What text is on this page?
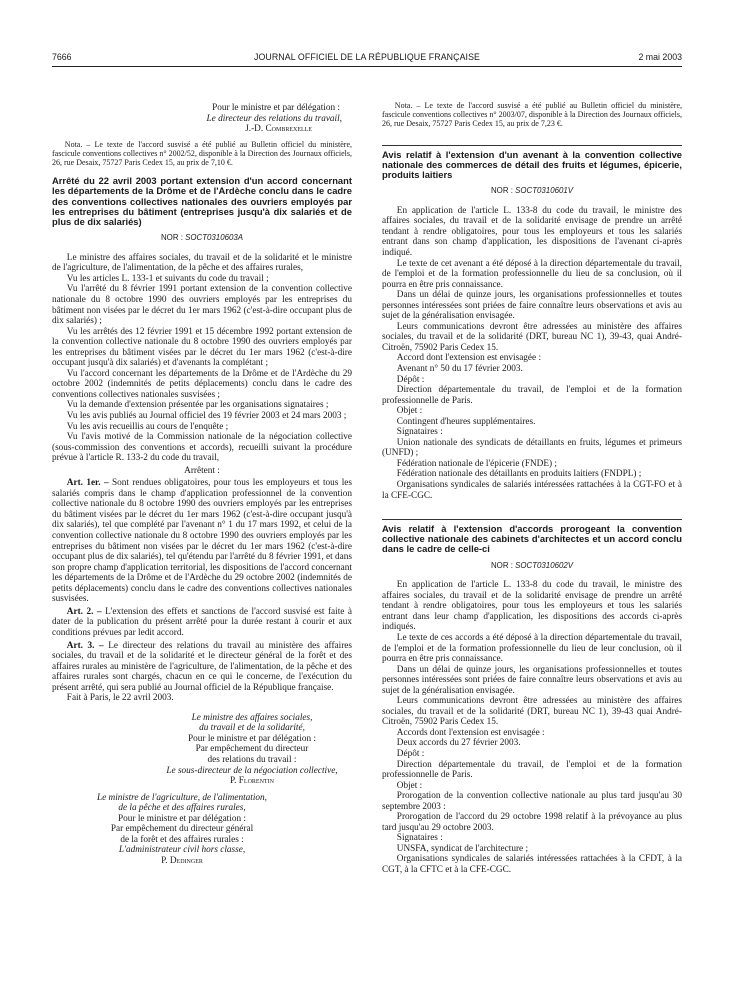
7666	JOURNAL OFFICIEL DE LA RÉPUBLIQUE FRANÇAISE	2 mai 2003

Pour le ministre et par délégation :

Le directeur des relations du travail,

J.-D. Combrexelle

Nota. – Le texte de l'accord susvisé a été publié au Bulletin officiel du ministère, fascicule conventions collectives n° 2002/52, disponible à la Direction des Journaux officiels, 26, rue Desaix, 75727 Paris Cedex 15, au prix de 7,10 €.

Arrêté du 22 avril 2003 portant extension d'un accord concernant les départements de la Drôme et de l'Ardèche conclu dans le cadre des conventions collectives nationales des ouvriers employés par les entreprises du bâtiment (entreprises jusqu'à dix salariés et de plus de dix salariés)

NOR : SOCT0310603A

Le ministre des affaires sociales, du travail et de la solidarité et le ministre de l'agriculture, de l'alimentation, de la pêche et des affaires rurales,

Vu les articles L. 133-1 et suivants du code du travail ;

Vu l'arrêté du 8 février 1991 portant extension de la convention collective nationale du 8 octobre 1990 des ouvriers employés par les entreprises du bâtiment non visées par le décret du 1er mars 1962 (c'est-à-dire occupant plus de dix salariés) ;

Vu les arrêtés des 12 février 1991 et 15 décembre 1992 portant extension de la convention collective nationale du 8 octobre 1990 des ouvriers employés par les entreprises du bâtiment visées par le décret du 1er mars 1962 (c'est-à-dire occupant jusqu'à dix salariés) et d'avenants la complétant ;

Vu l'accord concernant les départements de la Drôme et de l'Ardèche du 29 octobre 2002 (indemnités de petits déplacements) conclu dans le cadre des conventions collectives nationales susvisées ;

Vu la demande d'extension présentée par les organisations signataires ;

Vu les avis publiés au Journal officiel des 19 février 2003 et 24 mars 2003 ;

Vu les avis recueillis au cours de l'enquête ;

Vu l'avis motivé de la Commission nationale de la négociation collective (sous-commission des conventions et accords), recueilli suivant la procédure prévue à l'article R. 133-2 du code du travail,

Arrêtent :

Art. 1er. – Sont rendues obligatoires, pour tous les employeurs et tous les salariés compris dans le champ d'application professionnel de la convention collective nationale du 8 octobre 1990 des ouvriers employés par les entreprises du bâtiment visées par le décret du 1er mars 1962 (c'est-à-dire occupant jusqu'à dix salariés), tel que complété par l'avenant n° 1 du 17 mars 1992, et celui de la convention collective nationale du 8 octobre 1990 des ouvriers employés par les entreprises du bâtiment non visées par le décret du 1er mars 1962 (c'est-à-dire occupant plus de dix salariés), tel qu'étendu par l'arrêté du 8 février 1991, et dans son propre champ d'application territorial, les dispositions de l'accord concernant les départements de la Drôme et de l'Ardèche du 29 octobre 2002 (indemnités de petits déplacements) conclu dans le cadre des conventions collectives nationales susvisées.

Art. 2. – L'extension des effets et sanctions de l'accord susvisé est faite à dater de la publication du présent arrêté pour la durée restant à courir et aux conditions prévues par ledit accord.

Art. 3. – Le directeur des relations du travail au ministère des affaires sociales, du travail et de la solidarité et le directeur général de la forêt et des affaires rurales au ministère de l'agriculture, de l'alimentation, de la pêche et des affaires rurales sont chargés, chacun en ce qui le concerne, de l'exécution du présent arrêté, qui sera publié au Journal officiel de la République française.

Fait à Paris, le 22 avril 2003.

Le ministre des affaires sociales,

du travail et de la solidarité,

Pour le ministre et par délégation :

Par empêchement du directeur

des relations du travail :

Le sous-directeur de la négociation collective,

P. Florentin

Le ministre de l'agriculture, de l'alimentation,

de la pêche et des affaires rurales,

Pour le ministre et par délégation :

Par empêchement du directeur général

de la forêt et des affaires rurales :

L'administrateur civil hors classe,

P. Dedinger

Nota. – Le texte de l'accord susvisé a été publié au Bulletin officiel du ministère, fascicule conventions collectives n° 2003/07, disponible à la Direction des Journaux officiels, 26, rue Desaix, 75727 Paris Cedex 15, au prix de 7,23 €.

Avis relatif à l'extension d'un avenant à la convention collective nationale des commerces de détail des fruits et légumes, épicerie, produits laitiers

NOR : SOCT0310601V

En application de l'article L. 133-8 du code du travail, le ministre des affaires sociales, du travail et de la solidarité envisage de prendre un arrêté tendant à rendre obligatoires, pour tous les employeurs et tous les salariés entrant dans son champ d'application, les dispositions de l'avenant ci-après indiqué.

Le texte de cet avenant a été déposé à la direction départementale du travail, de l'emploi et de la formation professionnelle du lieu de sa conclusion, où il pourra en être pris connaissance.

Dans un délai de quinze jours, les organisations professionnelles et toutes personnes intéressées sont priées de faire connaître leurs observations et avis au sujet de la généralisation envisagée.

Leurs communications devront être adressées au ministère des affaires sociales, du travail et de la solidarité (DRT, bureau NC 1), 39-43, quai André-Citroën, 75902 Paris Cedex 15.

Accord dont l'extension est envisagée :

Avenant n° 50 du 17 février 2003.

Dépôt :

Direction départementale du travail, de l'emploi et de la formation professionnelle de Paris.

Objet :

Contingent d'heures supplémentaires.

Signataires :

Union nationale des syndicats de détaillants en fruits, légumes et primeurs (UNFD) ;

Fédération nationale de l'épicerie (FNDE) ;

Fédération nationale des détaillants en produits laitiers (FNDPL) ;

Organisations syndicales de salariés intéressées rattachées à la CGT-FO et à la CFE-CGC.

Avis relatif à l'extension d'accords prorogeant la convention collective nationale des cabinets d'architectes et un accord conclu dans le cadre de celle-ci

NOR : SOCT0310602V

En application de l'article L. 133-8 du code du travail, le ministre des affaires sociales, du travail et de la solidarité envisage de prendre un arrêté tendant à rendre obligatoires, pour tous les employeurs et tous les salariés entrant dans leur champ d'application, les dispositions des accords ci-après indiqués.

Le texte de ces accords a été déposé à la direction départementale du travail, de l'emploi et de la formation professionnelle du lieu de leur conclusion, où il pourra en être pris connaissance.

Dans un délai de quinze jours, les organisations professionnelles et toutes personnes intéressées sont priées de faire connaître leurs observations et avis au sujet de la généralisation envisagée.

Leurs communications devront être adressées au ministère des affaires sociales, du travail et de la solidarité (DRT, bureau NC 1), 39-43 quai André-Citroën, 75902 Paris Cedex 15.

Accords dont l'extension est envisagée :

Deux accords du 27 février 2003.

Dépôt :

Direction départementale du travail, de l'emploi et de la formation professionnelle de Paris.

Objet :

Prorogation de la convention collective nationale au plus tard jusqu'au 30 septembre 2003 :

Prorogation de l'accord du 29 octobre 1998 relatif à la prévoyance au plus tard jusqu'au 29 octobre 2003.

Signataires :

UNSFA, syndicat de l'architecture ;

Organisations syndicales de salariés intéressées rattachées à la CFDT, à la CGT, à la CFTC et à la CFE-CGC.
